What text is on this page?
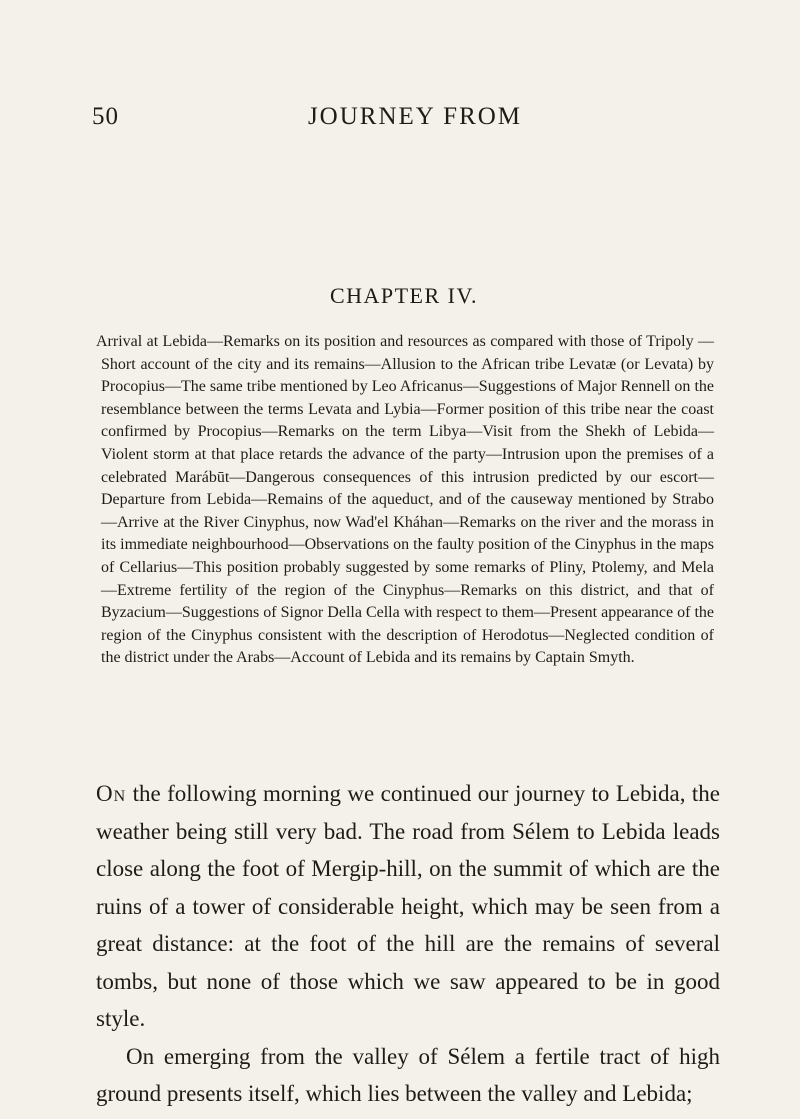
50	JOURNEY FROM
CHAPTER IV.
Arrival at Lebida—Remarks on its position and resources as compared with those of Tripoly —Short account of the city and its remains—Allusion to the African tribe Levatæ (or Levata) by Procopius—The same tribe mentioned by Leo Africanus—Suggestions of Major Rennell on the resemblance between the terms Levata and Lybia—Former position of this tribe near the coast confirmed by Procopius—Remarks on the term Libya—Visit from the Shekh of Lebida—Violent storm at that place retards the advance of the party—Intrusion upon the premises of a celebrated Marábūt—Dangerous consequences of this intrusion predicted by our escort—Departure from Lebida—Remains of the aqueduct, and of the causeway mentioned by Strabo—Arrive at the River Cinyphus, now Wad'el Kháhan—Remarks on the river and the morass in its immediate neighbourhood—Observations on the faulty position of the Cinyphus in the maps of Cellarius—This position probably suggested by some remarks of Pliny, Ptolemy, and Mela—Extreme fertility of the region of the Cinyphus—Remarks on this district, and that of Byzacium—Suggestions of Signor Della Cella with respect to them—Present appearance of the region of the Cinyphus consistent with the description of Herodotus—Neglected condition of the district under the Arabs—Account of Lebida and its remains by Captain Smyth.

On the following morning we continued our journey to Lebida, the weather being still very bad. The road from Sélem to Lebida leads close along the foot of Mergip-hill, on the summit of which are the ruins of a tower of considerable height, which may be seen from a great distance: at the foot of the hill are the remains of several tombs, but none of those which we saw appeared to be in good style.

On emerging from the valley of Sélem a fertile tract of high ground presents itself, which lies between the valley and Lebida;
